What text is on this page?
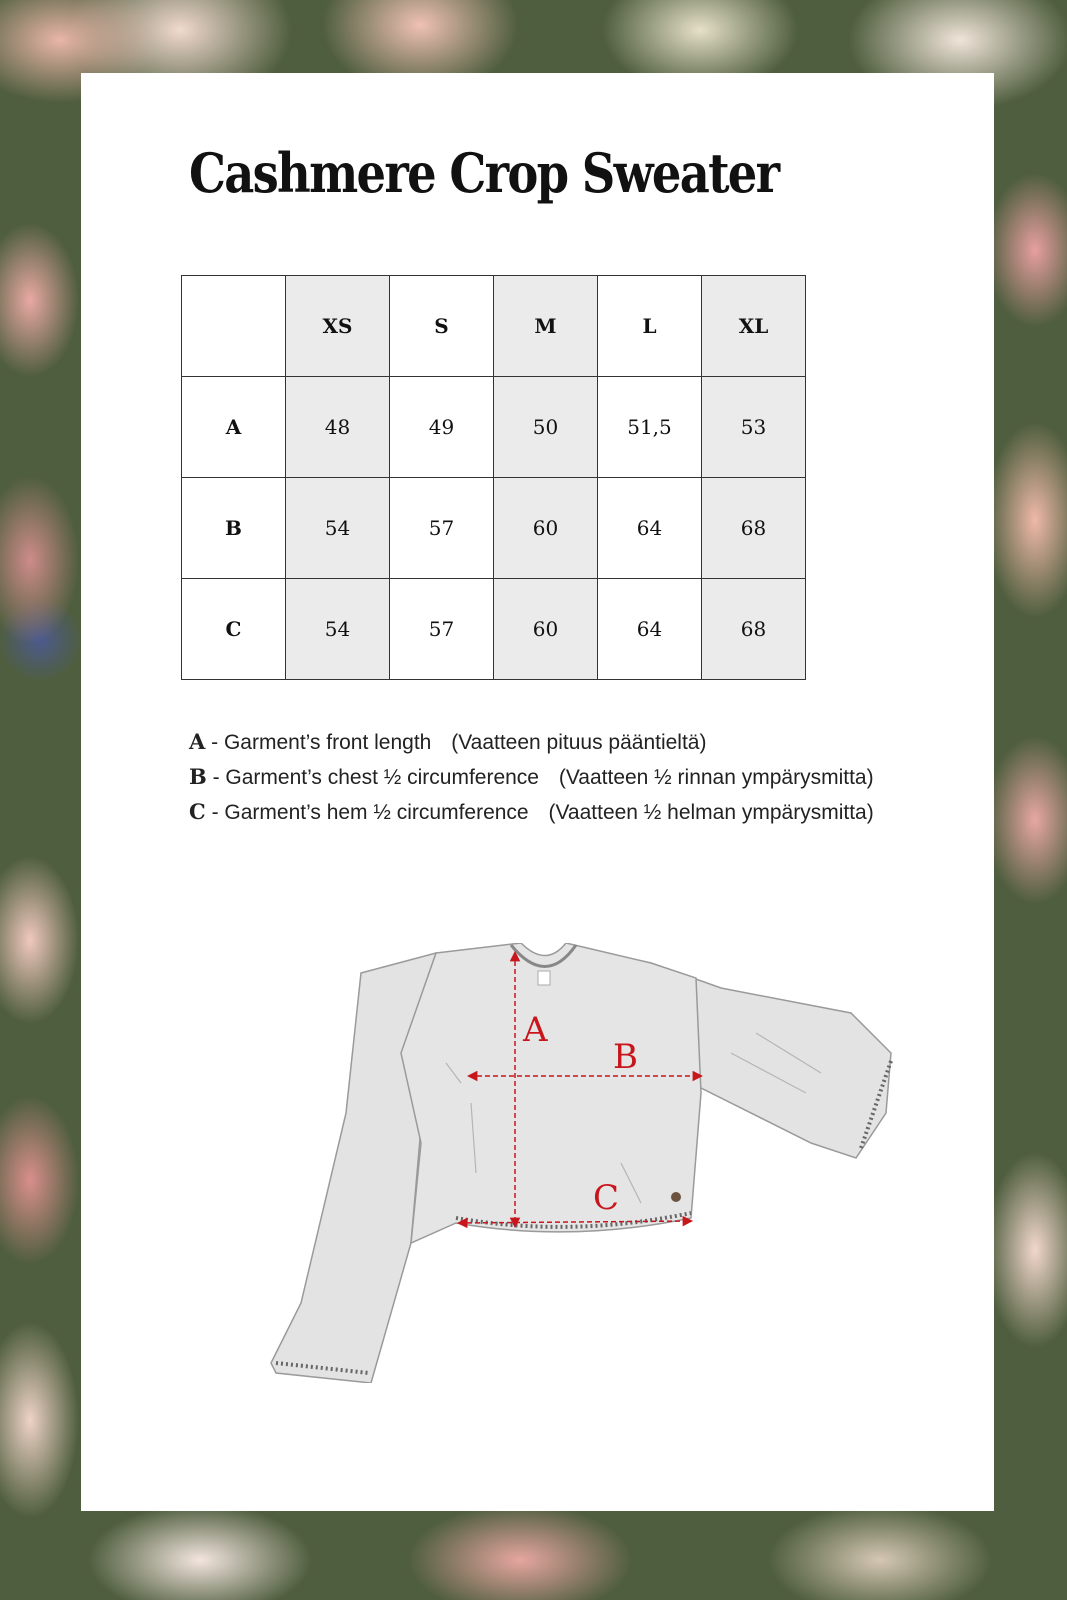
Cashmere Crop Sweater
	XS	S	M	L	XL
A	48	49	50	51,5	53
B	54	57	60	64	68
C	54	57	60	64	68
A - Garment’s front length (Vaatteen pituus pääntieltä)
B - Garment’s chest ½ circumference (Vaatteen ½ rinnan ympärysmitta)
C - Garment’s hem ½ circumference (Vaatteen ½ helman ympärysmitta)
A
B
C
